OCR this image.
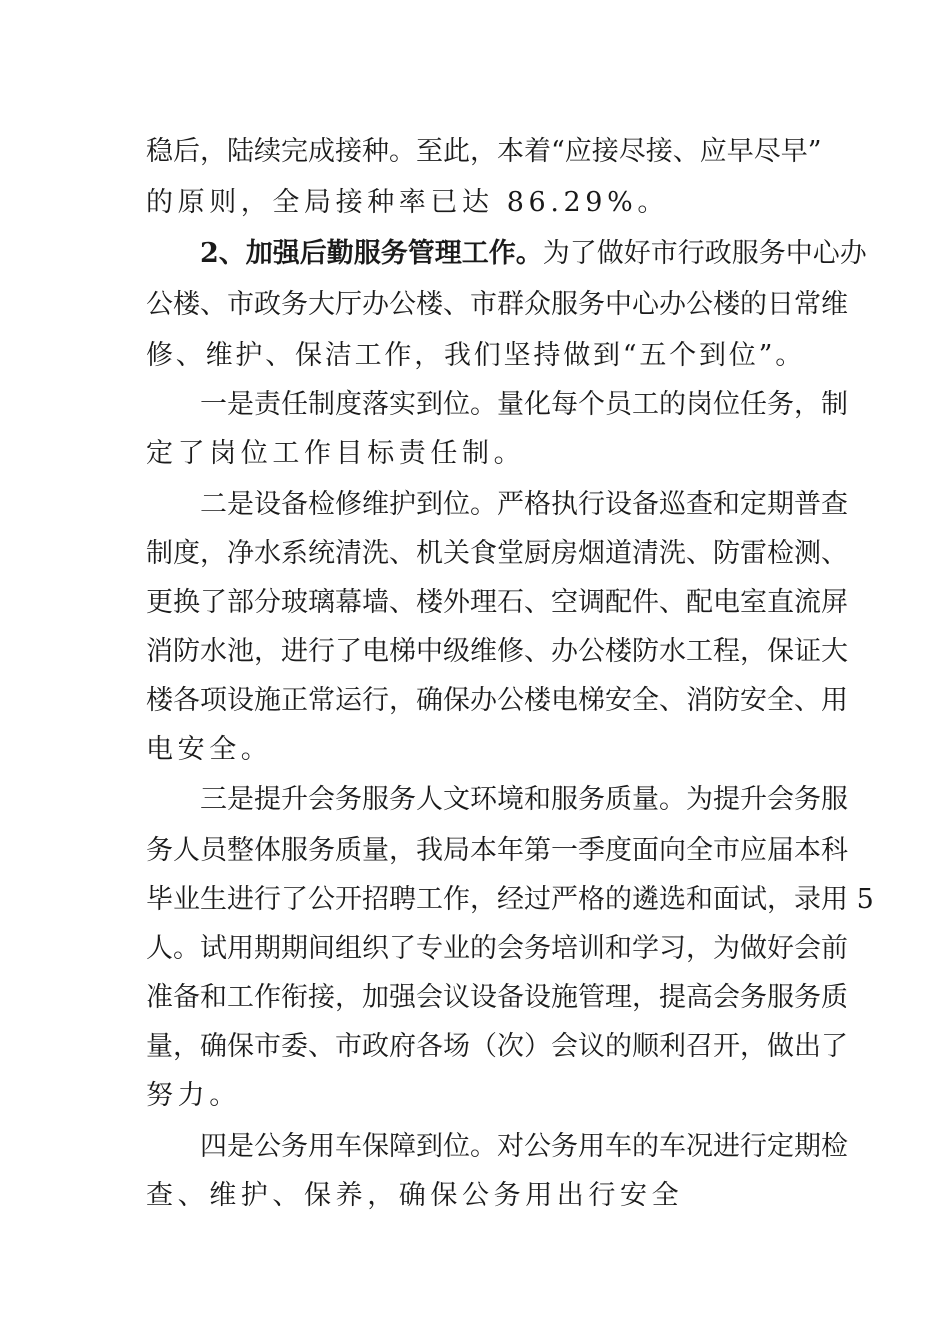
稳后，陆续完成接种。至此，本着“应接尽接、应早尽早”
的原则，全局接种率已达 86.29%。
2、加强后勤服务管理工作。为了做好市行政服务中心办
公楼、市政务大厅办公楼、市群众服务中心办公楼的日常维
修、维护、保洁工作，我们坚持做到“五个到位”。
一是责任制度落实到位。量化每个员工的岗位任务，制
定了岗位工作目标责任制。
二是设备检修维护到位。严格执行设备巡查和定期普查
制度，净水系统清洗、机关食堂厨房烟道清洗、防雷检测、
更换了部分玻璃幕墙、楼外理石、空调配件、配电室直流屏
消防水池，进行了电梯中级维修、办公楼防水工程，保证大
楼各项设施正常运行，确保办公楼电梯安全、消防安全、用
电安全。
三是提升会务服务人文环境和服务质量。为提升会务服
务人员整体服务质量，我局本年第一季度面向全市应届本科
毕业生进行了公开招聘工作，经过严格的遴选和面试，录用 5
人。试用期期间组织了专业的会务培训和学习，为做好会前
准备和工作衔接，加强会议设备设施管理，提高会务服务质
量，确保市委、市政府各场（次）会议的顺利召开，做出了
努力。
四是公务用车保障到位。对公务用车的车况进行定期检
查、维护、保养，确保公务用出行安全
